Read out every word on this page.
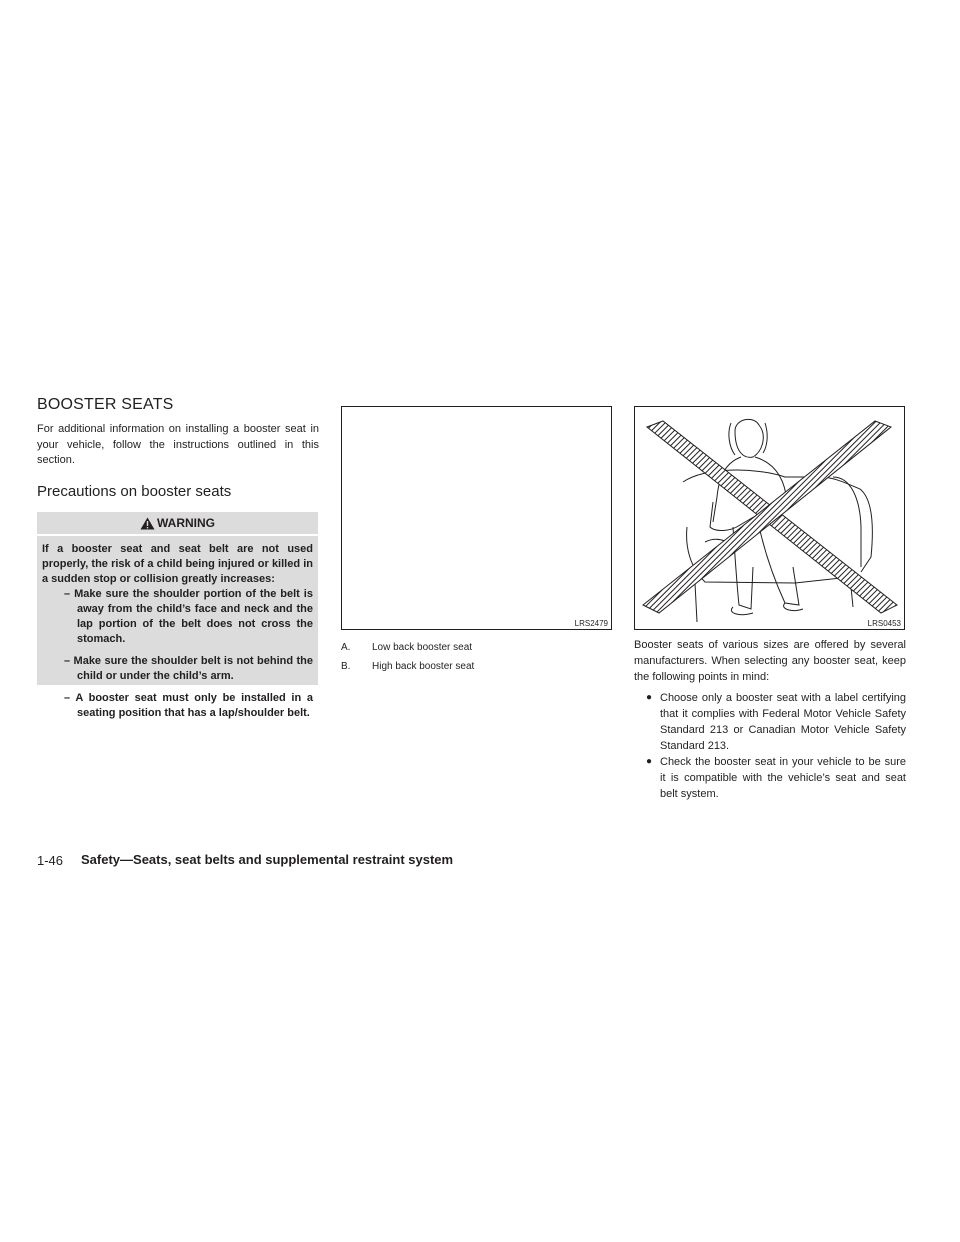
BOOSTER SEATS
For additional information on installing a booster seat in your vehicle, follow the instructions outlined in this section.
Precautions on booster seats
WARNING
If a booster seat and seat belt are not used properly, the risk of a child being injured or killed in a sudden stop or collision greatly increases:
– Make sure the shoulder portion of the belt is away from the child’s face and neck and the lap portion of the belt does not cross the stomach.
– Make sure the shoulder belt is not behind the child or under the child’s arm.
– A booster seat must only be installed in a seating position that has a lap/shoulder belt.
LRS2479	LRS0453
A. Low back booster seat
B. High back booster seat
Booster seats of various sizes are offered by several manufacturers. When selecting any booster seat, keep the following points in mind:
● Choose only a booster seat with a label certifying that it complies with Federal Motor Vehicle Safety Standard 213 or Canadian Motor Vehicle Safety Standard 213.
● Check the booster seat in your vehicle to be sure it is compatible with the vehicle’s seat and seat belt system.
1-46 Safety—Seats, seat belts and supplemental restraint system
